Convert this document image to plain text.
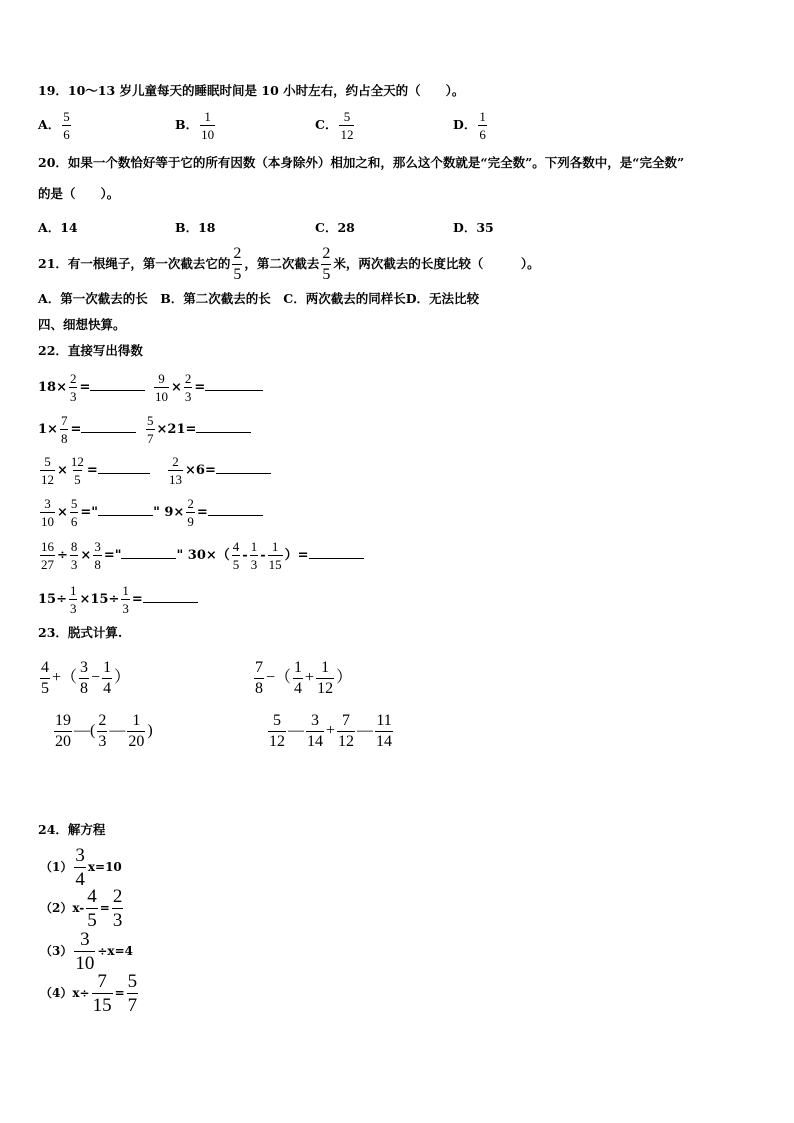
19．10～13 岁儿童每天的睡眠时间是 10 小时左右，约占全天的（　　）。
A． $\frac{5}{6}$	B． $\frac{1}{10}$	C． $\frac{5}{12}$	D． $\frac{1}{6}$
20．如果一个数恰好等于它的所有因数（本身除外）相加之和，那么这个数就是“完全数”。下列各数中，是“完全数”
的是（　　）。
A．14	B．18	C．28	D．35
21．有一根绳子，第一次截去它的 $\frac{2}{5}$ ，第二次截去 $\frac{2}{5}$ 米，两次截去的长度比较（　　　）。
A．第一次截去的长　B．第二次截去的长　C．两次截去的同样长D．无法比较
四、细想快算。
22．直接写出得数
$18\times \frac{2}{3}$ =	$\frac{9}{10} \times \frac{2}{3}$ =
$1\times \frac{7}{8}$ =	$\frac{5}{7} \times 21=$
$\frac{5}{12} \times \frac{12}{5}$ =	$\frac{2}{13} \times 6=$
$\frac{3}{10} \times \frac{5}{6}$ ="	" $9\times \frac{2}{9}$ =
$\frac{16}{27} \div \frac{8}{3} \times \frac{3}{8}$ ="	" $30\times( \frac{4}{5} - \frac{1}{3} - \frac{1}{15}$ ）=
$15\div \frac{1}{3} \times 15\div \frac{1}{3}$ =
23．脱式计算.
$\frac{4}{5}$ +（ $\frac{3}{8} - \frac{1}{4}$ ）	$\frac{7}{8}$ −（ $\frac{1}{4} + \frac{1}{12}$ ）
$\frac{19}{20}$ —( $\frac{2}{3}$ — $\frac{1}{20}$ )	$\frac{5}{12}$ — $\frac{3}{14} + \frac{7}{12}$ — $\frac{11}{14}$
24．解方程
$(1) \frac{3}{4} x=10$
$(2)x- \frac{4}{5} = \frac{2}{3}$
$(3) \frac{3}{10} \div x=4$
$(4)x\div \frac{7}{15} = \frac{5}{7}$
